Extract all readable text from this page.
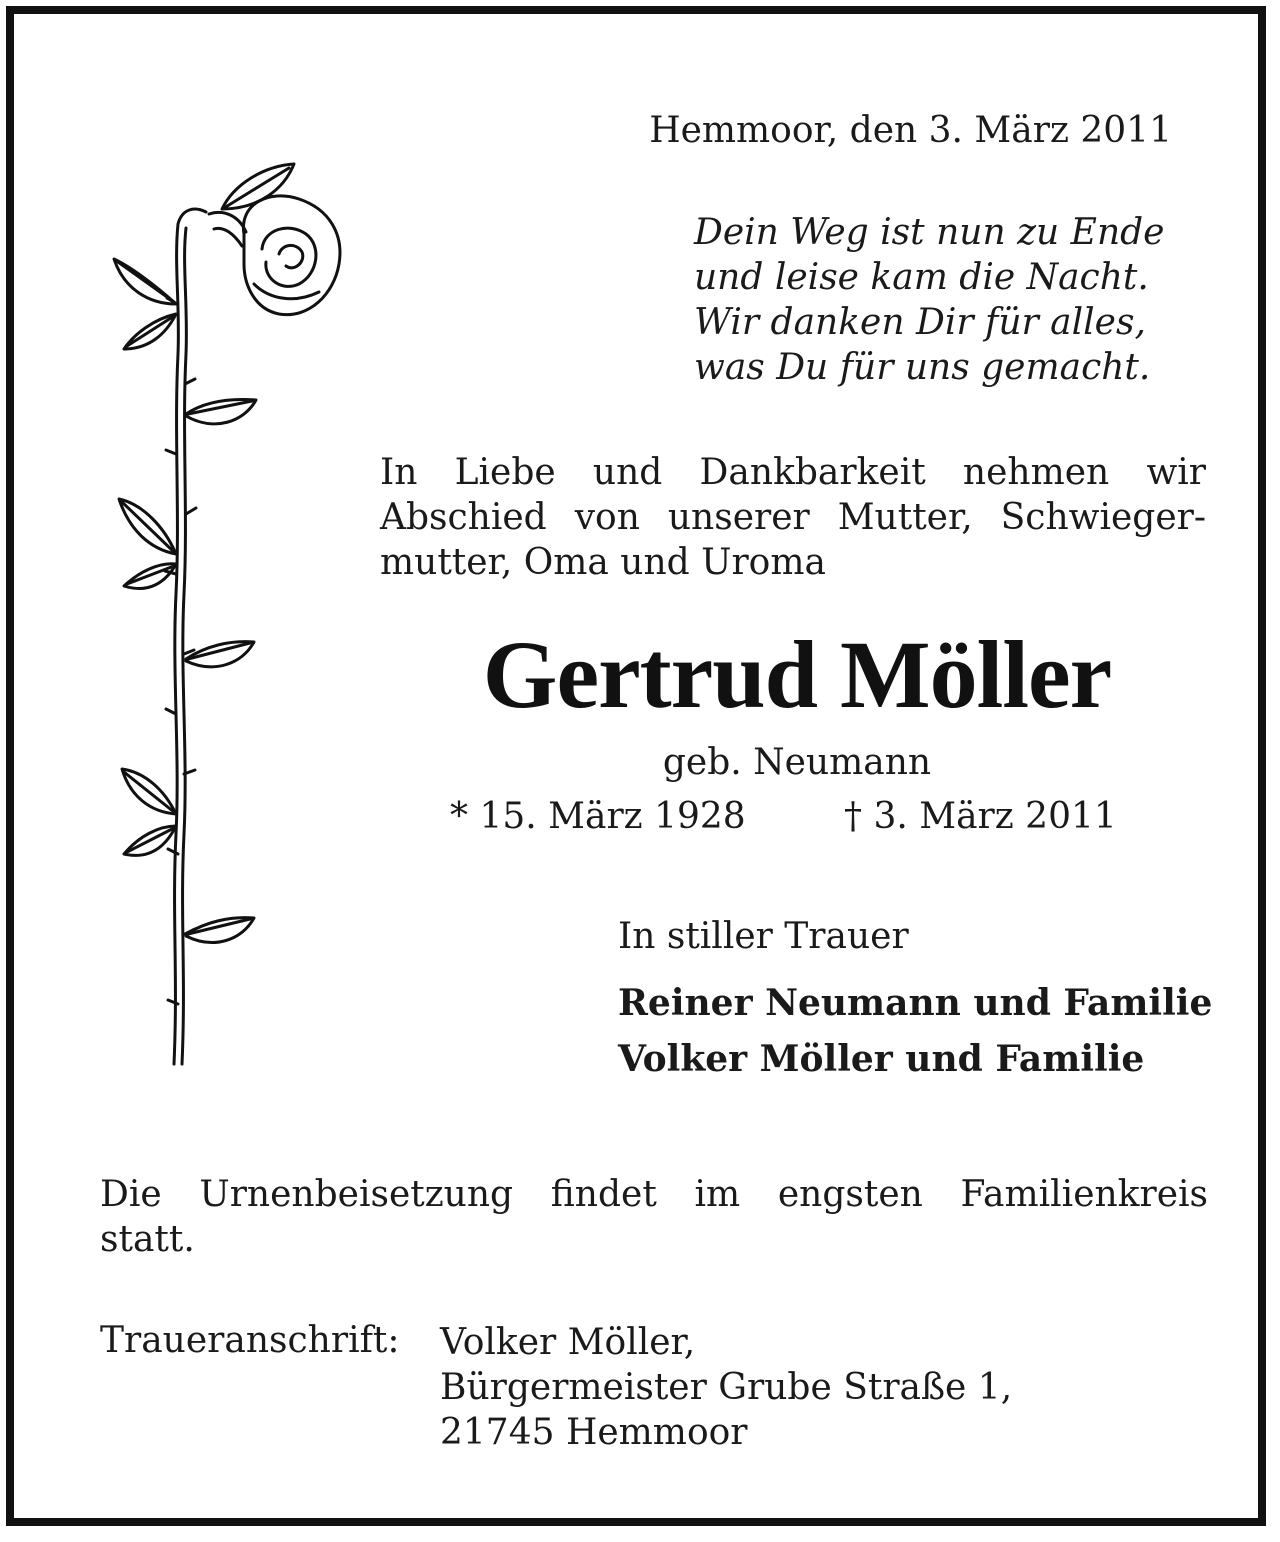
Hemmoor, den 3. März 2011
Dein Weg ist nun zu Ende
und leise kam die Nacht.
Wir danken Dir für alles,
was Du für uns gemacht.
In Liebe und Dankbarkeit nehmen wir
Abschied von unserer Mutter, Schwieger-
mutter, Oma und Uroma
Gertrud Möller
geb. Neumann
* 15. März 1928	† 3. März 2011
In stiller Trauer
Reiner Neumann und Familie
Volker Möller und Familie
Die Urnenbeisetzung findet im engsten Familienkreis
statt.
Traueranschrift: Volker Möller,
Bürgermeister Grube Straße 1,
21745 Hemmoor
